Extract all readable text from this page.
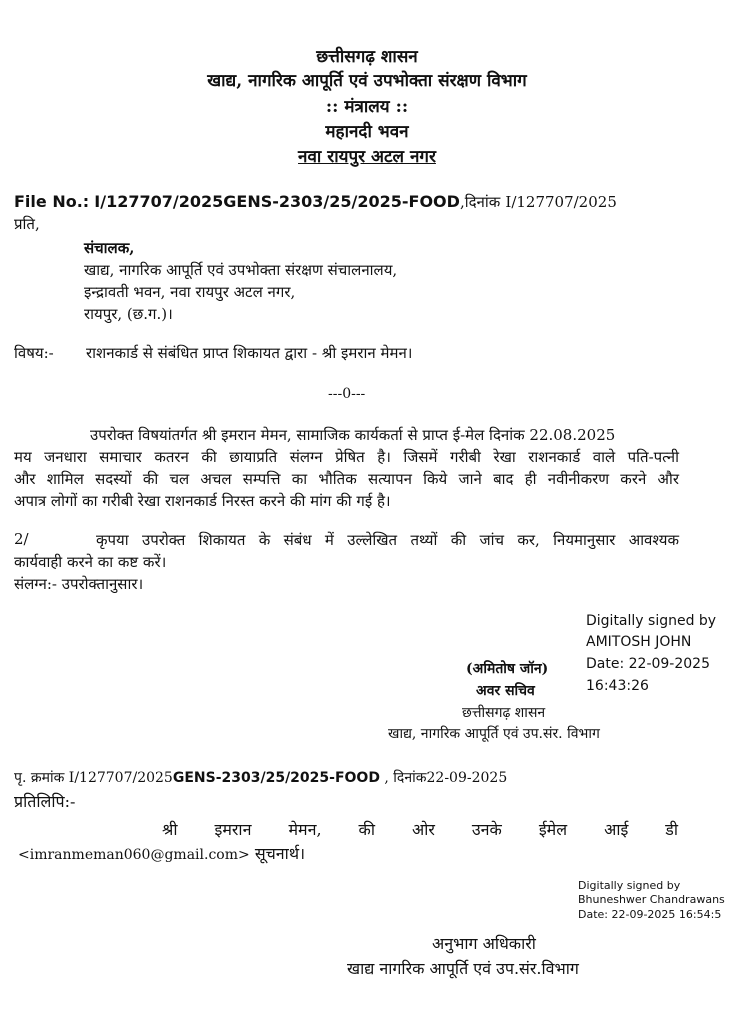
छत्तीसगढ़ शासन
खाद्य, नागरिक आपूर्ति एवं उपभोक्ता संरक्षण विभाग
:: मंत्रालय ::
महानदी भवन
नवा रायपुर अटल नगर
File No.: I/127707/2025GENS-2303/25/2025-FOOD,दिनांक I/127707/2025
प्रति,
संचालक,
खाद्य, नागरिक आपूर्ति एवं उपभोक्ता संरक्षण संचालनालय,
इन्द्रावती भवन, नवा रायपुर अटल नगर,
रायपुर, (छ.ग.)।
विषय:- राशनकार्ड से संबंधित प्राप्त शिकायत द्वारा - श्री इमरान मेमन।
---0---
उपरोक्त विषयांतर्गत श्री इमरान मेमन, सामाजिक कार्यकर्ता से प्राप्त ई-मेल दिनांक 22.08.2025
मय जनधारा समाचार कतरन की छायाप्रति संलग्न प्रेषित है। जिसमें गरीबी रेखा राशनकार्ड वाले पति-पत्नी
और शामिल सदस्यों की चल अचल सम्पत्ति का भौतिक सत्यापन किये जाने बाद ही नवीनीकरण करने और
अपात्र लोगों का गरीबी रेखा राशनकार्ड निरस्त करने की मांग की गई है।
2/	कृपया उपरोक्त शिकायत के संबंध में उल्लेखित तथ्यों की जांच कर, नियमानुसार आवश्यक
कार्यवाही करने का कष्ट करें।
संलग्न:- उपरोक्तानुसार।
Digitally signed by
AMITOSH JOHN
Date: 22-09-2025
16:43:26
(अमितोष जॉन)
अवर सचिव
छत्तीसगढ़ शासन
खाद्य, नागरिक आपूर्ति एवं उप.संर. विभाग
पृ. क्रमांक I/127707/2025GENS-2303/25/2025-FOOD , दिनांक22-09-2025
प्रतिलिपि:-
श्री इमरान मेमन, की ओर उनके ईमेल आई डी
<imranmeman060@gmail.com> सूचनार्थ।
Digitally signed by
Bhuneshwer Chandrawans
Date: 22-09-2025 16:54:5
अनुभाग अधिकारी
खाद्य नागरिक आपूर्ति एवं उप.संर.विभाग
